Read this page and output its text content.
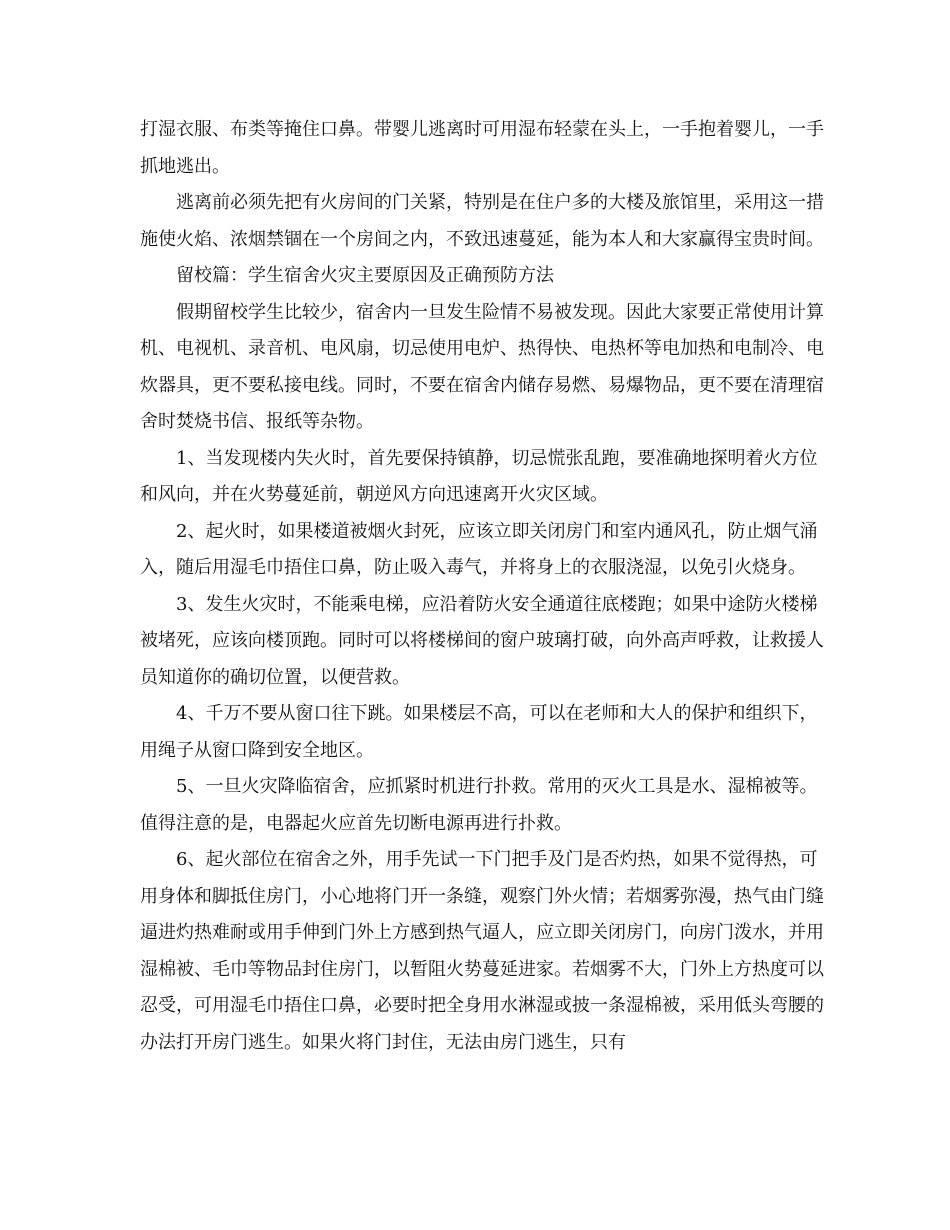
打湿衣服、布类等掩住口鼻。带婴儿逃离时可用湿布轻蒙在头上，一手抱着婴儿，一手抓地逃出。

逃离前必须先把有火房间的门关紧，特别是在住户多的大楼及旅馆里，采用这一措施使火焰、浓烟禁锢在一个房间之内，不致迅速蔓延，能为本人和大家赢得宝贵时间。

留校篇：学生宿舍火灾主要原因及正确预防方法

假期留校学生比较少，宿舍内一旦发生险情不易被发现。因此大家要正常使用计算机、电视机、录音机、电风扇，切忌使用电炉、热得快、电热杯等电加热和电制冷、电炊器具，更不要私接电线。同时，不要在宿舍内储存易燃、易爆物品，更不要在清理宿舍时焚烧书信、报纸等杂物。

1、当发现楼内失火时，首先要保持镇静，切忌慌张乱跑，要准确地探明着火方位和风向，并在火势蔓延前，朝逆风方向迅速离开火灾区域。

2、起火时，如果楼道被烟火封死，应该立即关闭房门和室内通风孔，防止烟气涌入，随后用湿毛巾捂住口鼻，防止吸入毒气，并将身上的衣服浇湿，以免引火烧身。

3、发生火灾时，不能乘电梯，应沿着防火安全通道往底楼跑；如果中途防火楼梯被堵死，应该向楼顶跑。同时可以将楼梯间的窗户玻璃打破，向外高声呼救，让救援人员知道你的确切位置，以便营救。

4、千万不要从窗口往下跳。如果楼层不高，可以在老师和大人的保护和组织下，用绳子从窗口降到安全地区。

5、一旦火灾降临宿舍，应抓紧时机进行扑救。常用的灭火工具是水、湿棉被等。值得注意的是，电器起火应首先切断电源再进行扑救。

6、起火部位在宿舍之外，用手先试一下门把手及门是否灼热，如果不觉得热，可用身体和脚抵住房门，小心地将门开一条缝，观察门外火情；若烟雾弥漫，热气由门缝逼进灼热难耐或用手伸到门外上方感到热气逼人，应立即关闭房门，向房门泼水，并用湿棉被、毛巾等物品封住房门，以暂阻火势蔓延进家。若烟雾不大，门外上方热度可以忍受，可用湿毛巾捂住口鼻，必要时把全身用水淋湿或披一条湿棉被，采用低头弯腰的办法打开房门逃生。如果火将门封住，无法由房门逃生，只有
